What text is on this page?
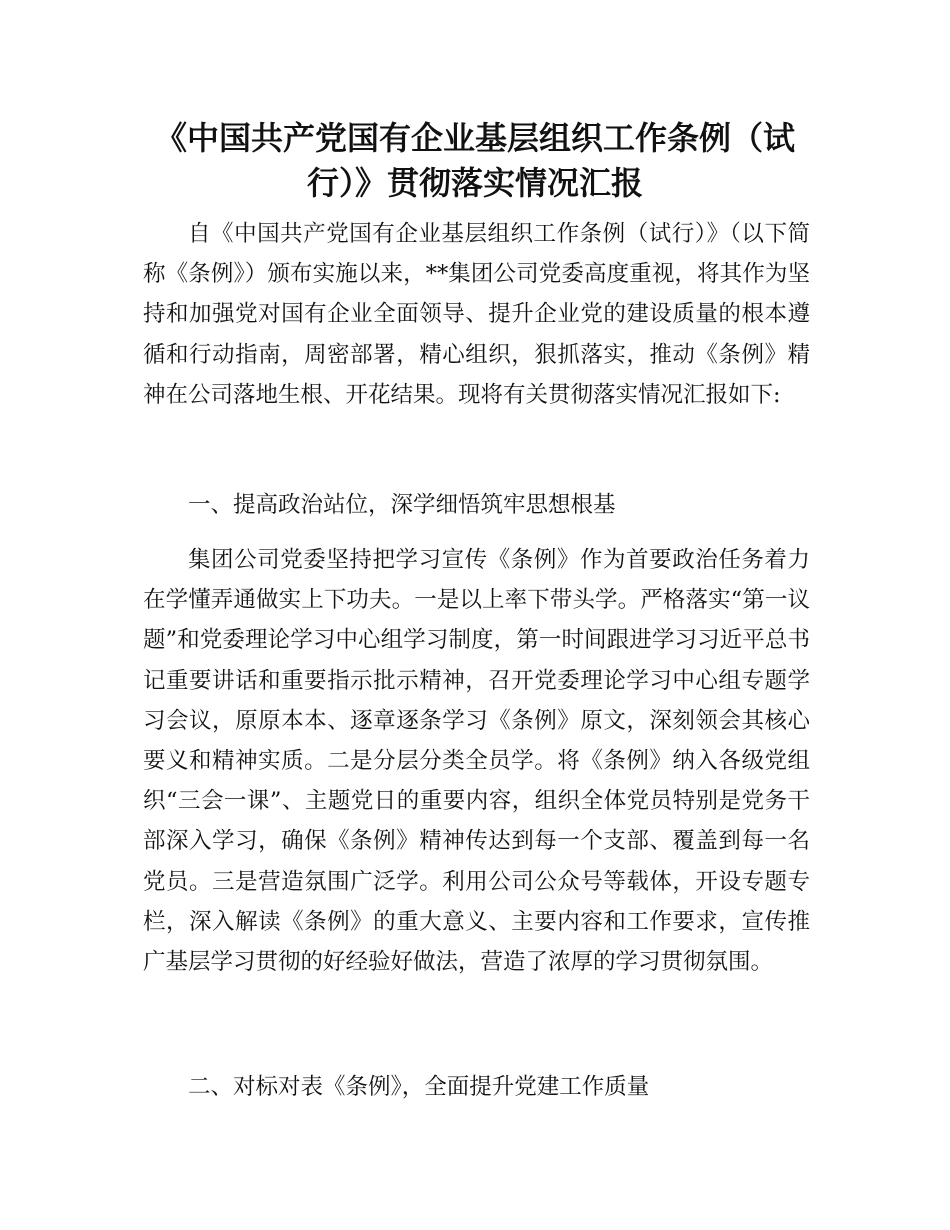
《中国共产党国有企业基层组织工作条例（试行）》贯彻落实情况汇报

自《中国共产党国有企业基层组织工作条例（试行）》（以下简称《条例》）颁布实施以来，**集团公司党委高度重视，将其作为坚持和加强党对国有企业全面领导、提升企业党的建设质量的根本遵循和行动指南，周密部署，精心组织，狠抓落实，推动《条例》精神在公司落地生根、开花结果。现将有关贯彻落实情况汇报如下:

一、提高政治站位，深学细悟筑牢思想根基

集团公司党委坚持把学习宣传《条例》作为首要政治任务着力在学懂弄通做实上下功夫。一是以上率下带头学。严格落实“第一议题”和党委理论学习中心组学习制度，第一时间跟进学习习近平总书记重要讲话和重要指示批示精神，召开党委理论学习中心组专题学习会议，原原本本、逐章逐条学习《条例》原文，深刻领会其核心要义和精神实质。二是分层分类全员学。将《条例》纳入各级党组织“三会一课”、主题党日的重要内容，组织全体党员特别是党务干部深入学习，确保《条例》精神传达到每一个支部、覆盖到每一名党员。三是营造氛围广泛学。利用公司公众号等载体，开设专题专栏，深入解读《条例》的重大意义、主要内容和工作要求，宣传推广基层学习贯彻的好经验好做法，营造了浓厚的学习贯彻氛围。

二、对标对表《条例》，全面提升党建工作质量
